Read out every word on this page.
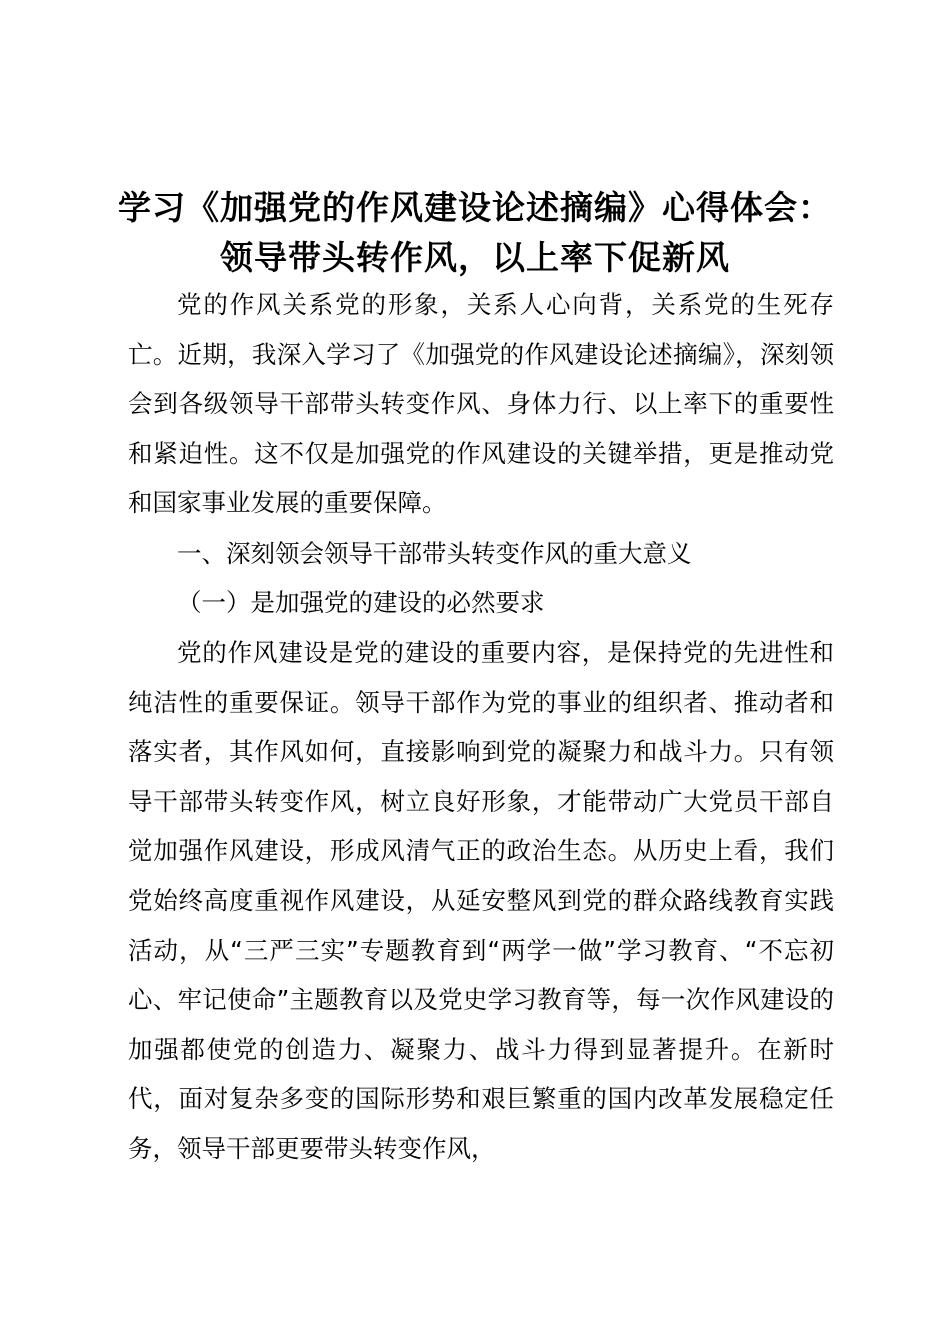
学习《加强党的作风建设论述摘编》心得体会：
领导带头转作风，以上率下促新风
党的作风关系党的形象，关系人心向背，关系党的生死存亡。近期，我深入学习了《加强党的作风建设论述摘编》，深刻领会到各级领导干部带头转变作风、身体力行、以上率下的重要性和紧迫性。这不仅是加强党的作风建设的关键举措，更是推动党和国家事业发展的重要保障。
一、深刻领会领导干部带头转变作风的重大意义
（一）是加强党的建设的必然要求
党的作风建设是党的建设的重要内容，是保持党的先进性和纯洁性的重要保证。领导干部作为党的事业的组织者、推动者和落实者，其作风如何，直接影响到党的凝聚力和战斗力。只有领导干部带头转变作风，树立良好形象，才能带动广大党员干部自觉加强作风建设，形成风清气正的政治生态。从历史上看，我们党始终高度重视作风建设，从延安整风到党的群众路线教育实践活动，从“三严三实”专题教育到“两学一做”学习教育、“不忘初心、牢记使命”主题教育以及党史学习教育等，每一次作风建设的加强都使党的创造力、凝聚力、战斗力得到显著提升。在新时代，面对复杂多变的国际形势和艰巨繁重的国内改革发展稳定任务，领导干部更要带头转变作风，
